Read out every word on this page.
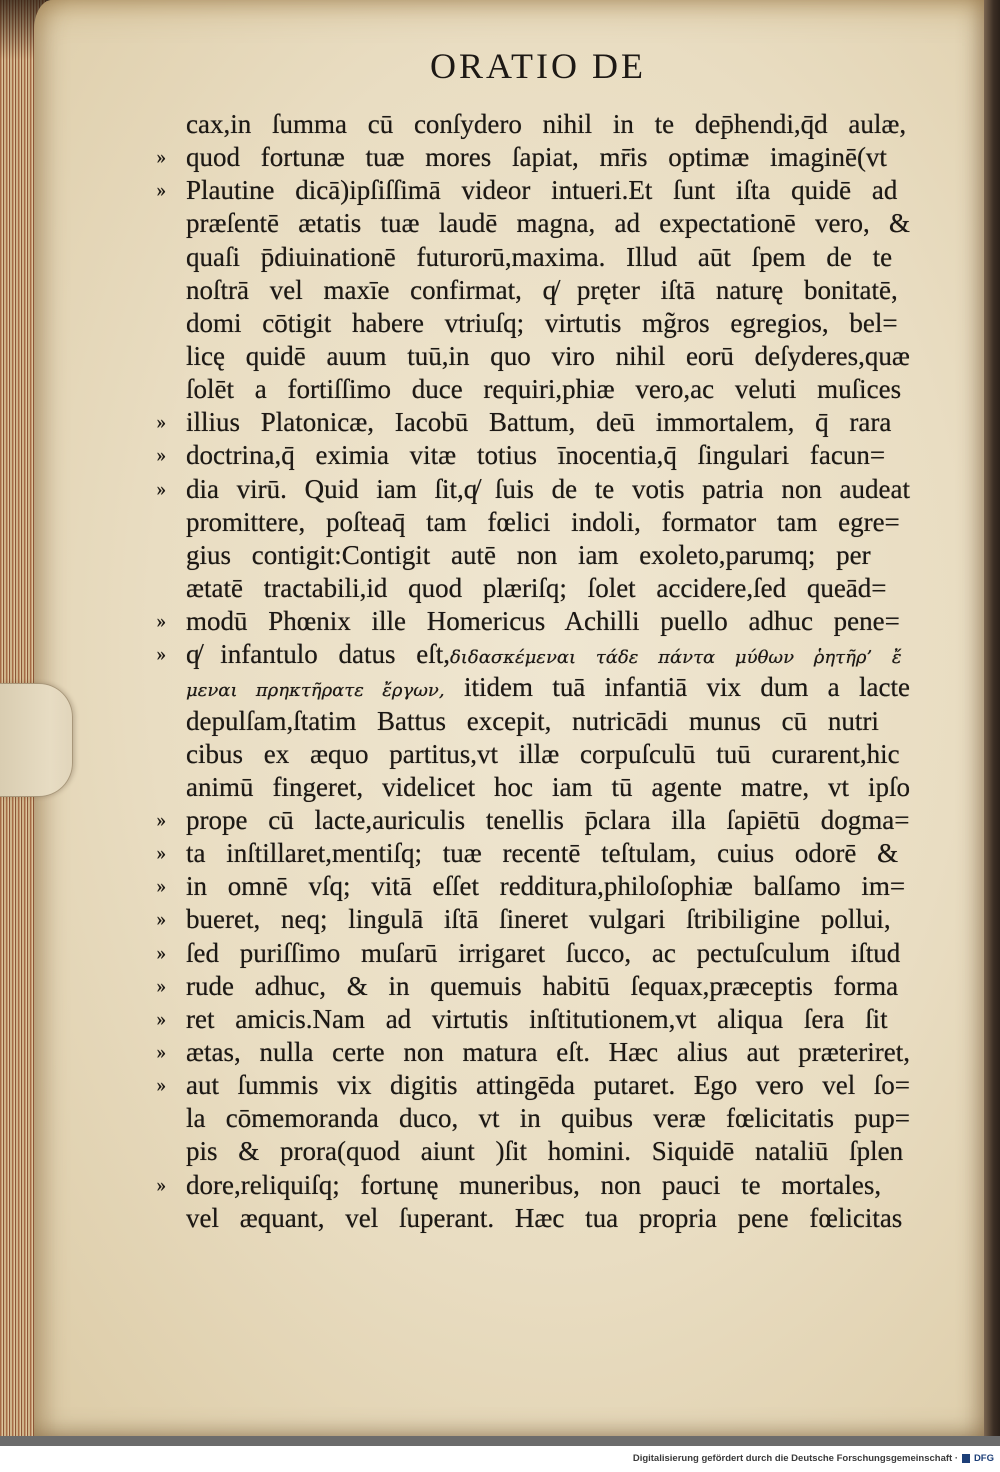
ORATIO DE
cax,in ſumma cū conſydero nihil in te dep̄hendi,q̄d aulæ,
›› quod fortunæ tuæ mores ſapiat, mr̄is optimæ imaginē(vt
›› Plautine dicā)ipſiſſimā videor intueri.Et ſunt iſta quidē ad
præſentē ætatis tuæ laudē magna, ad expectationē vero, &
quaſi p̄diuinationē futurorū,maxima. Illud aūt ſpem de te
noſtrā vel maxīe confirmat, q̸ pręter iſtā naturę bonitatē,
domi cōtigit habere vtriuſq; virtutis mg̃ros egregios, bel=
licę quidē auum tuū,in quo viro nihil eorū deſyderes,quæ
ſolēt a fortiſſimo duce requiri,phiæ vero,ac veluti muſices
›› illius Platonicæ, Iacobū Battum, deū immortalem, q̄ rara
›› doctrina,q̄ eximia vitæ totius īnocentia,q̄ ſingulari facun=
›› dia virū. Quid iam ſit,q̸ ſuis de te votis patria non audeat
promittere, poſteaq̄ tam fœlici indoli, formator tam egre=
gius contigit:Contigit autē non iam exoleto,parumq; per
ætatē tractabili,id quod plæriſq; ſolet accidere,ſed queād=
›› modū Phœnix ille Homericus Achilli puello adhuc pene=
›› q̸ infantulo datus eſt,διδασκέμεναι τάδε πάντα μύθων ῥητῆρ’ ἔ
μεναι πρηκτῆρατε ἔργων, itidem tuā infantiā vix dum a lacte
depulſam,ſtatim Battus excepit, nutricādi munus cū nutri
cibus ex æquo partitus,vt illæ corpuſculū tuū curarent,hic
animū fingeret, videlicet hoc iam tū agente matre, vt ipſo
›› prope cū lacte,auriculis tenellis p̄clara illa ſapiētū dogma=
›› ta inſtillaret,mentiſq; tuæ recentē teſtulam, cuius odorē &
›› in omnē vſq; vitā eſſet redditura,philoſophiæ balſamo im=
›› bueret, neq; lingulā iſtā ſineret vulgari ſtribiligine pollui,
›› ſed puriſſimo muſarū irrigaret ſucco, ac pectuſculum iſtud
›› rude adhuc, & in quemuis habitū ſequax,præceptis forma
›› ret amicis.Nam ad virtutis inſtitutionem,vt aliqua ſera ſit
›› ætas, nulla certe non matura eſt. Hæc alius aut præteriret,
›› aut ſummis vix digitis attingēda putaret. Ego vero vel ſo=
la cōmemoranda duco, vt in quibus veræ fœlicitatis pup=
pis & prora(quod aiunt )ſit homini. Siquidē nataliū ſplen
›› dore,reliquiſq; fortunę muneribus, non pauci te mortales,
vel æquant, vel ſuperant. Hæc tua propria pene fœlicitas
Digitalisierung gefördert durch die Deutsche Forschungsgemeinschaft ·	DFG
